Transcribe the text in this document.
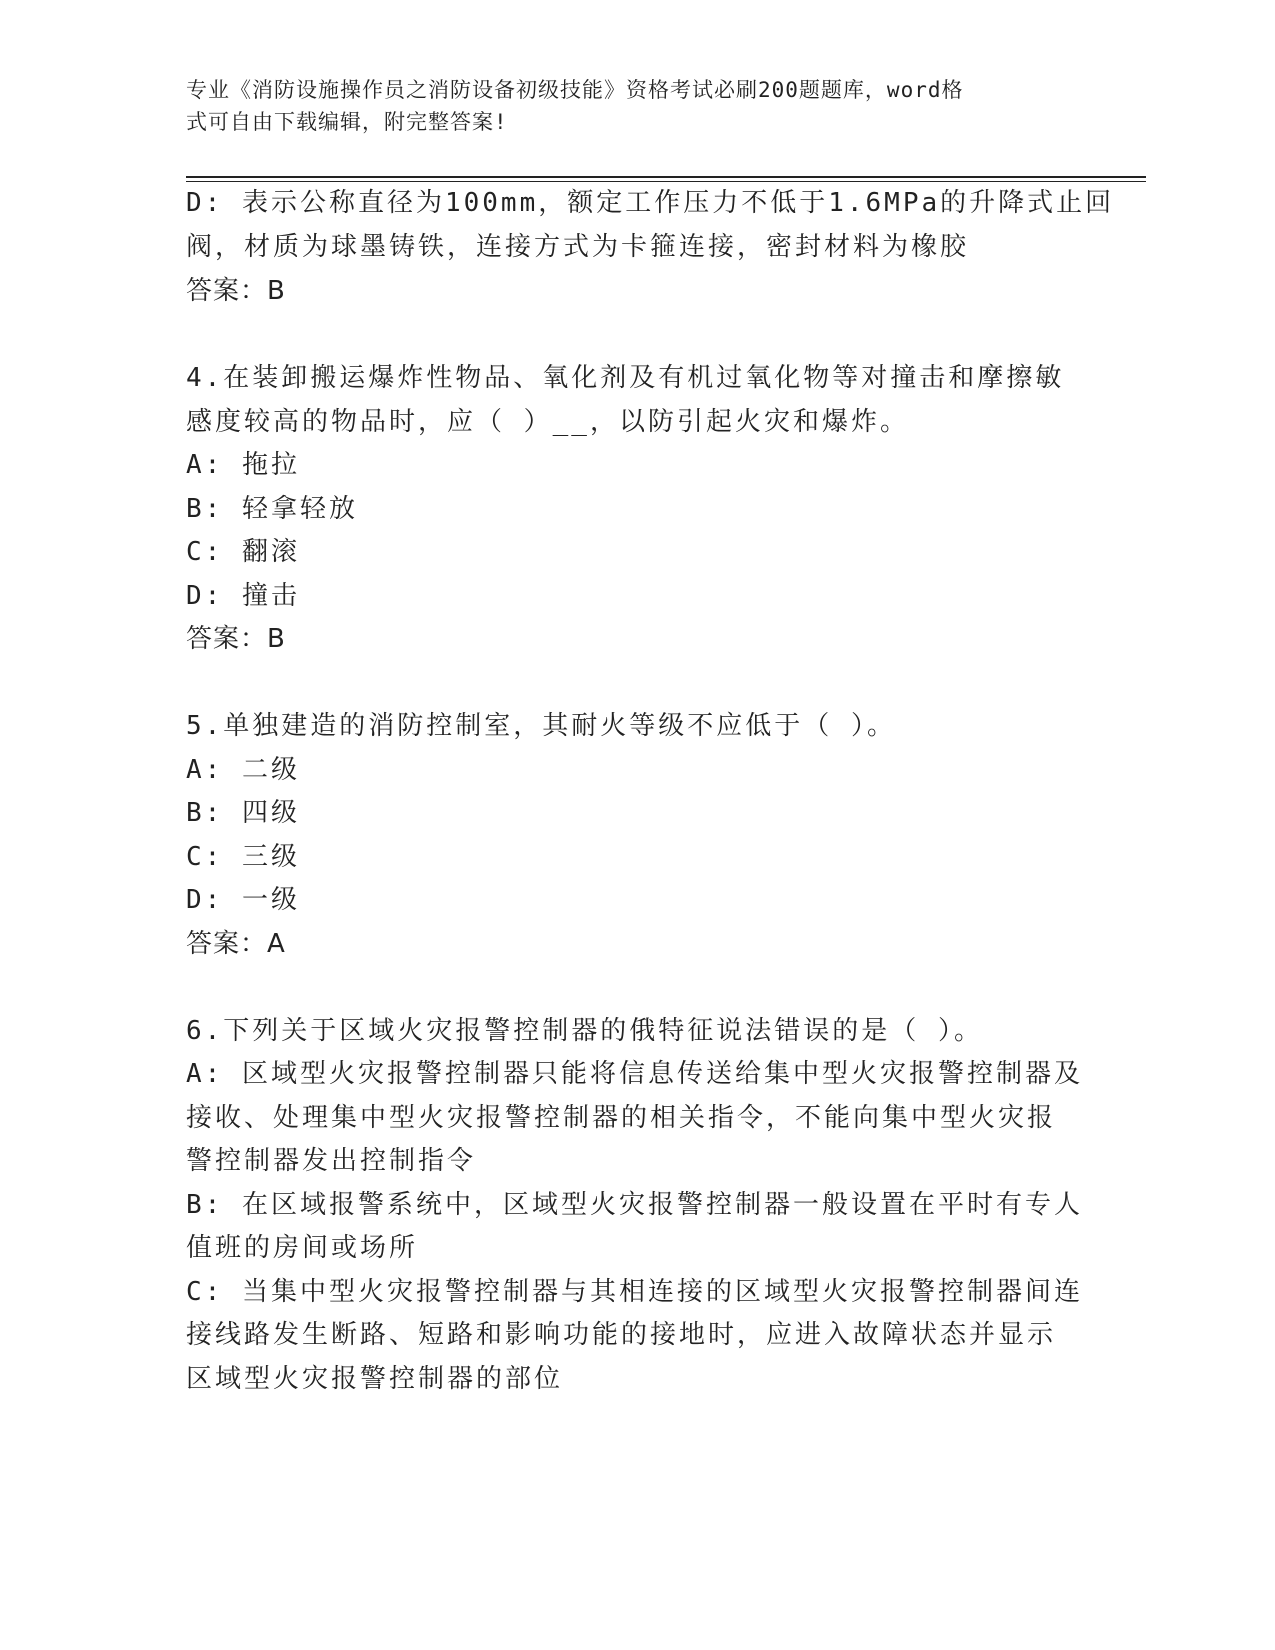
专业《消防设施操作员之消防设备初级技能》资格考试必刷200题题库，word格
式可自由下载编辑，附完整答案!
D: 表示公称直径为100mm，额定工作压力不低于1.6MPa的升降式止回
阀，材质为球墨铸铁，连接方式为卡箍连接，密封材料为橡胶
答案：B
4.在装卸搬运爆炸性物品、氧化剂及有机过氧化物等对撞击和摩擦敏
感度较高的物品时，应（ ）__，以防引起火灾和爆炸。
A: 拖拉
B: 轻拿轻放
C: 翻滚
D: 撞击
答案：B
5.单独建造的消防控制室，其耐火等级不应低于（ ）。
A: 二级
B: 四级
C: 三级
D: 一级
答案：A
6.下列关于区域火灾报警控制器的俄特征说法错误的是（ ）。
A: 区域型火灾报警控制器只能将信息传送给集中型火灾报警控制器及
接收、处理集中型火灾报警控制器的相关指令，不能向集中型火灾报
警控制器发出控制指令
B: 在区域报警系统中，区域型火灾报警控制器一般设置在平时有专人
值班的房间或场所
C: 当集中型火灾报警控制器与其相连接的区域型火灾报警控制器间连
接线路发生断路、短路和影响功能的接地时，应进入故障状态并显示
区域型火灾报警控制器的部位
